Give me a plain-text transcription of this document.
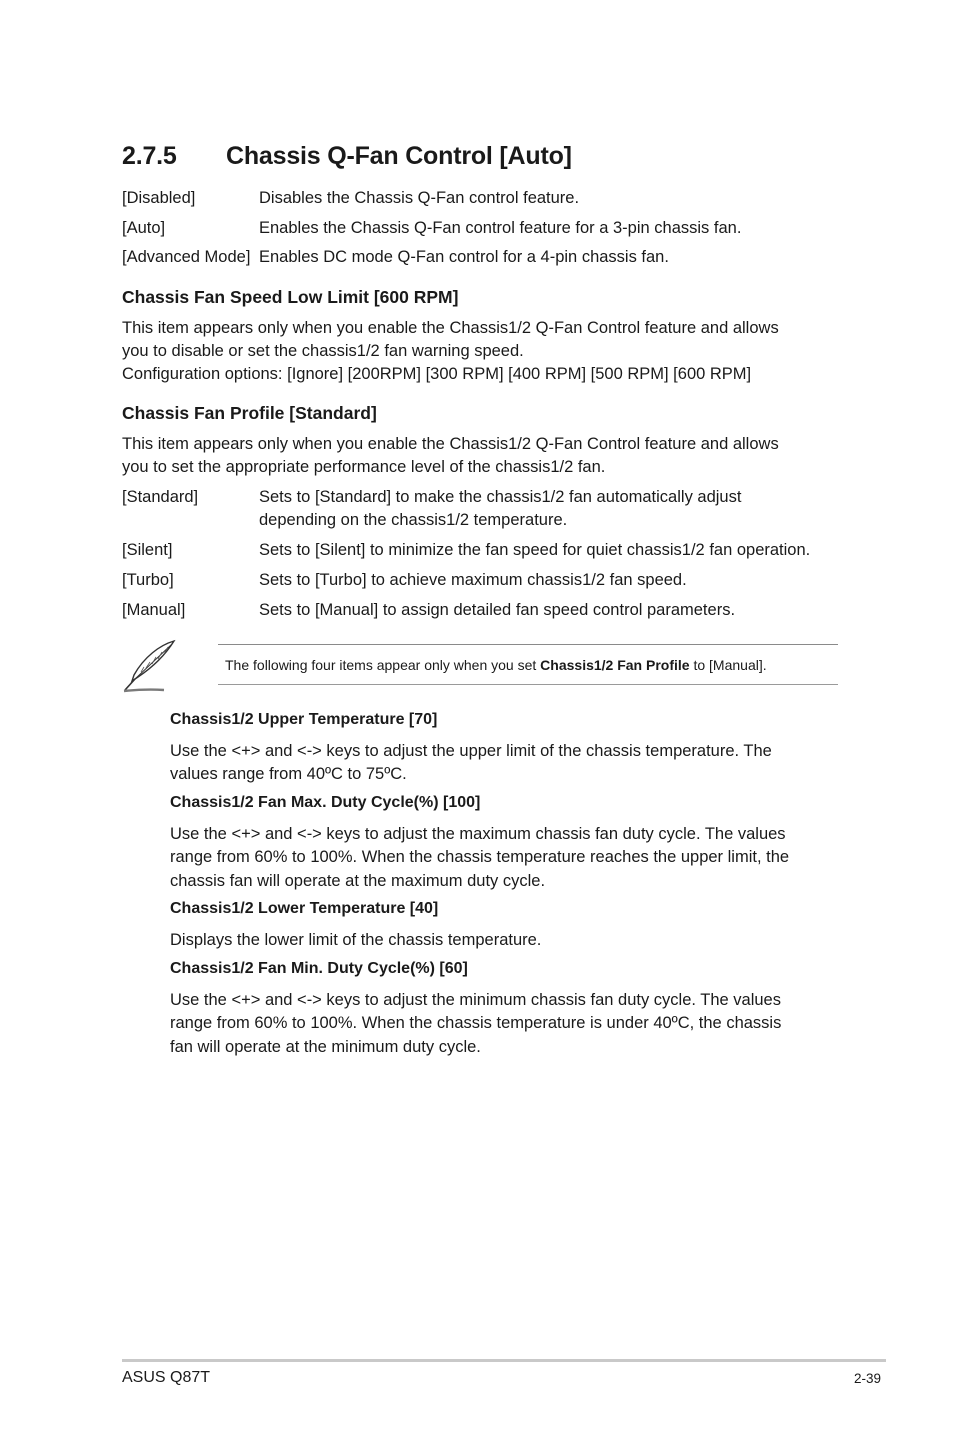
2.7.5 Chassis Q-Fan Control [Auto]
[Disabled]	Disables the Chassis Q-Fan control feature.
[Auto]	Enables the Chassis Q-Fan control feature for a 3-pin chassis fan.
[Advanced Mode] Enables DC mode Q-Fan control for a 4-pin chassis fan.
Chassis Fan Speed Low Limit [600 RPM]

This item appears only when you enable the Chassis1/2 Q-Fan Control feature and allows

you to disable or set the chassis1/2 fan warning speed.

Configuration options: [Ignore] [200RPM] [300 RPM] [400 RPM] [500 RPM] [600 RPM]

Chassis Fan Profile [Standard]

This item appears only when you enable the Chassis1/2 Q-Fan Control feature and allows

you to set the appropriate performance level of the chassis1/2 fan.

[Standard]	Sets to [Standard] to make the chassis1/2 fan automatically adjust depending on the chassis1/2 temperature.
[Silent]	Sets to [Silent] to minimize the fan speed for quiet chassis1/2 fan operation.
[Turbo]	Sets to [Turbo] to achieve maximum chassis1/2 fan speed.
[Manual]	Sets to [Manual] to assign detailed fan speed control parameters.
The following four items appear only when you set Chassis1/2 Fan Profile to [Manual].
Chassis1/2 Upper Temperature [70]

Use the <+> and <-> keys to adjust the upper limit of the chassis temperature. The

values range from 40ºC to 75ºC.

Chassis1/2 Fan Max. Duty Cycle(%) [100]

Use the <+> and <-> keys to adjust the maximum chassis fan duty cycle. The values

range from 60% to 100%. When the chassis temperature reaches the upper limit, the

chassis fan will operate at the maximum duty cycle.

Chassis1/2 Lower Temperature [40]

Displays the lower limit of the chassis temperature.

Chassis1/2 Fan Min. Duty Cycle(%) [60]

Use the <+> and <-> keys to adjust the minimum chassis fan duty cycle. The values

range from 60% to 100%. When the chassis temperature is under 40ºC, the chassis

fan will operate at the minimum duty cycle.

ASUS Q87T	2-39
